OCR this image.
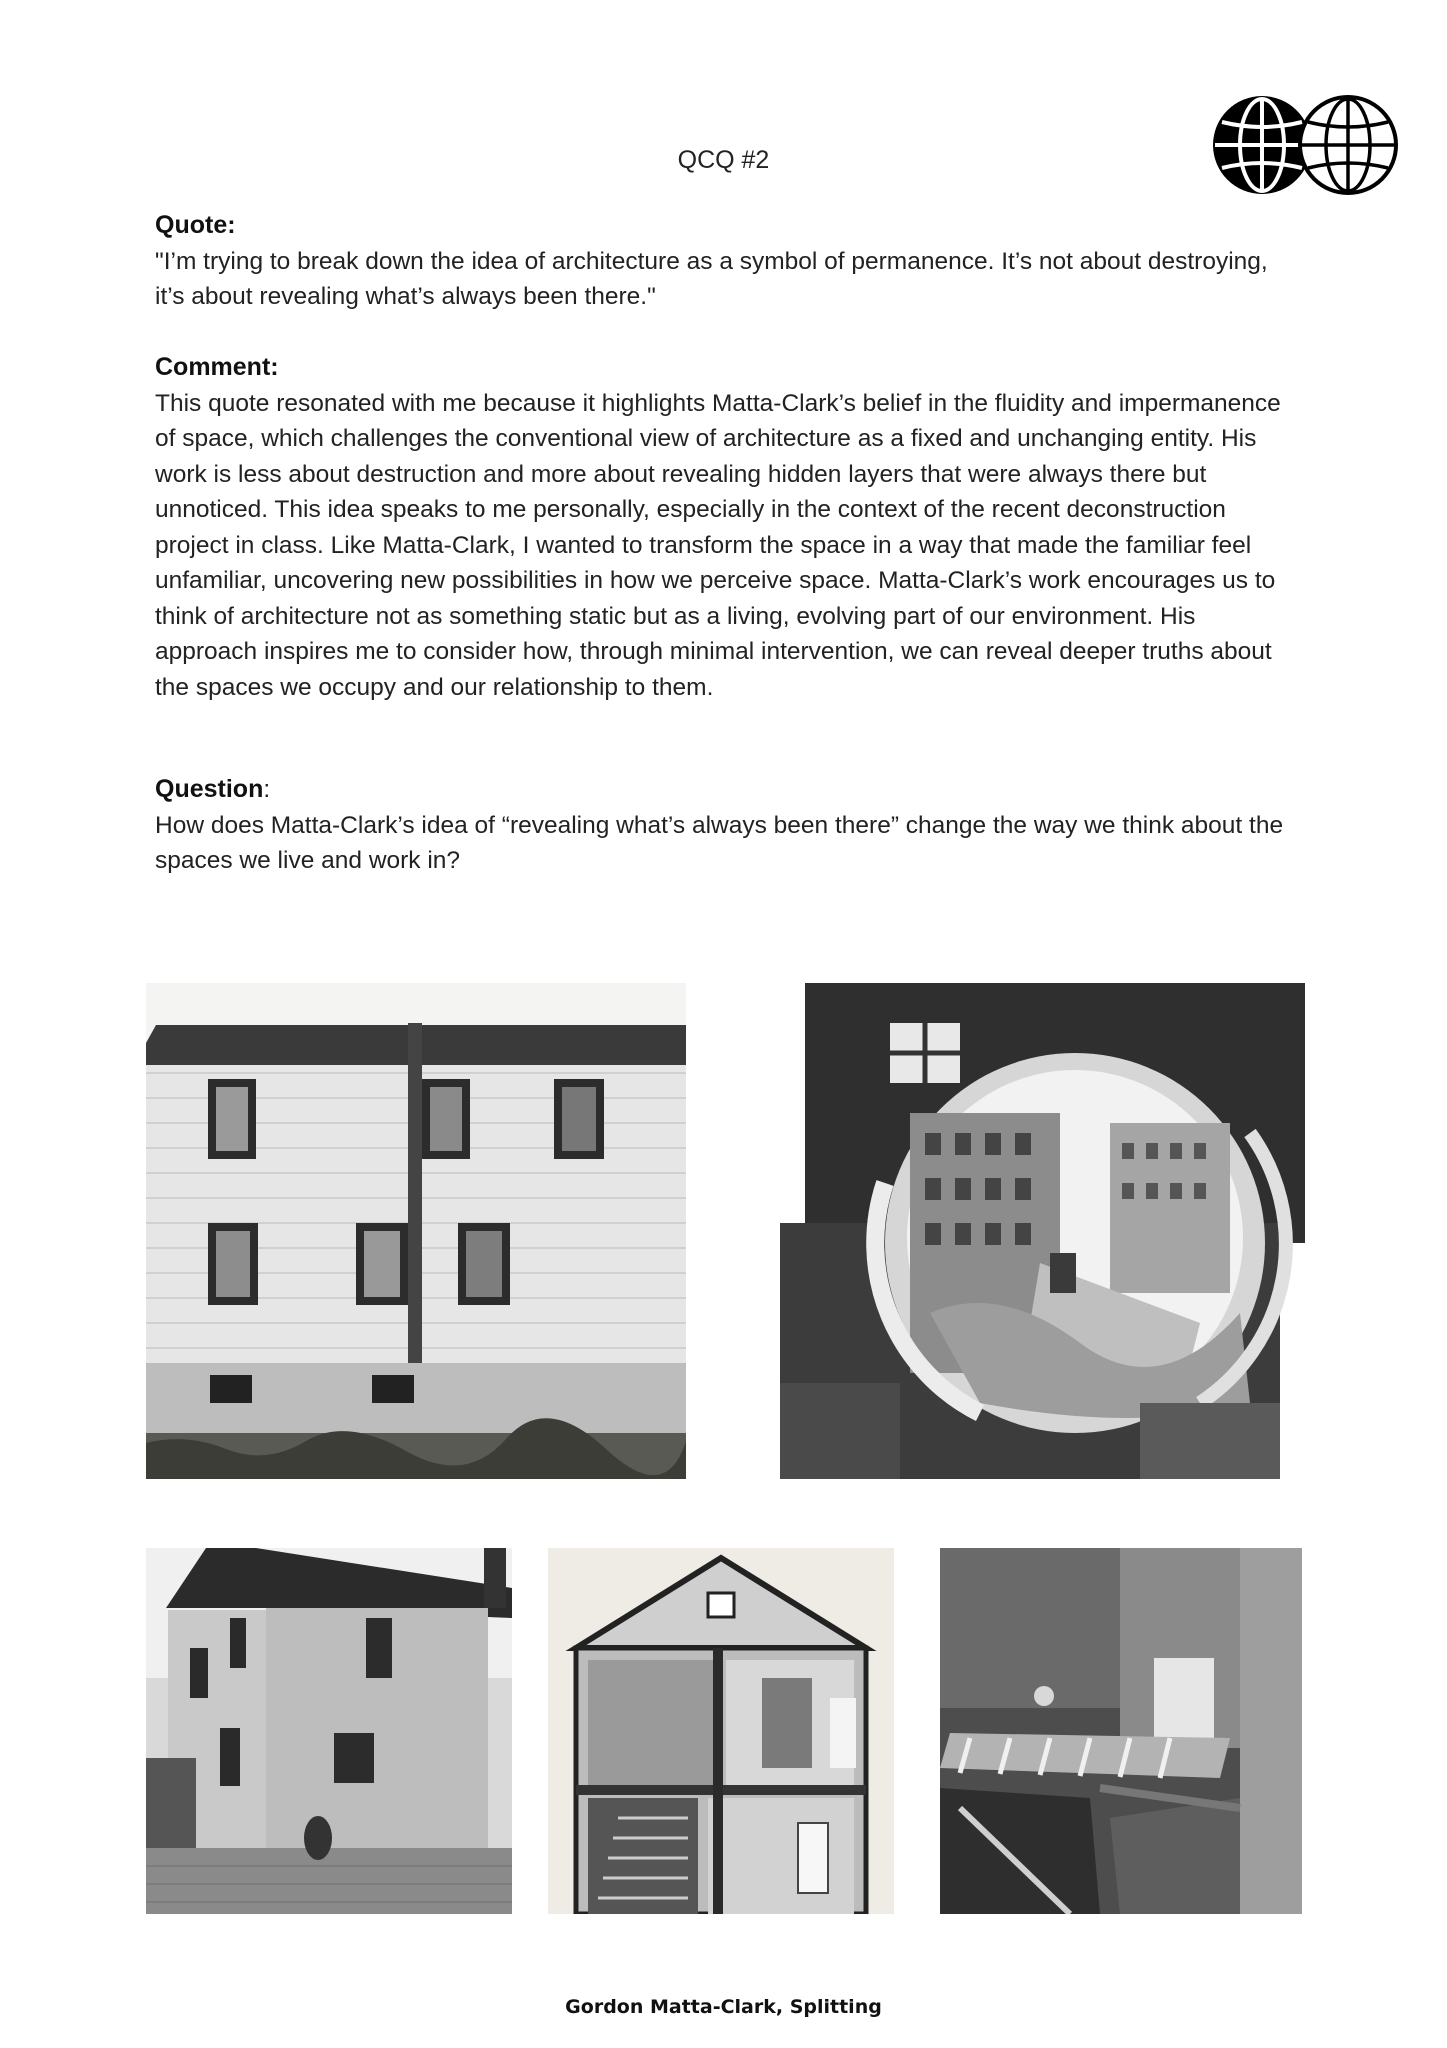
QCQ #2
Quote:

"I’m trying to break down the idea of architecture as a symbol of permanence. It’s not about destroying, it’s about revealing what’s always been there."

Comment:

This quote resonated with me because it highlights Matta-Clark’s belief in the fluidity and impermanence of space, which challenges the conventional view of architecture as a fixed and unchanging entity. His work is less about destruction and more about revealing hidden layers that were always there but unnoticed. This idea speaks to me personally, especially in the context of the recent deconstruction project in class. Like Matta-Clark, I wanted to transform the space in a way that made the familiar feel unfamiliar, uncovering new possibilities in how we perceive space. Matta-Clark’s work encourages us to think of architecture not as something static but as a living, evolving part of our environment. His approach inspires me to consider how, through minimal intervention, we can reveal deeper truths about the spaces we occupy and our relationship to them.

Question:

How does Matta-Clark’s idea of “revealing what’s always been there” change the way we think about the spaces we live and work in?

Gordon Matta-Clark, Splitting
